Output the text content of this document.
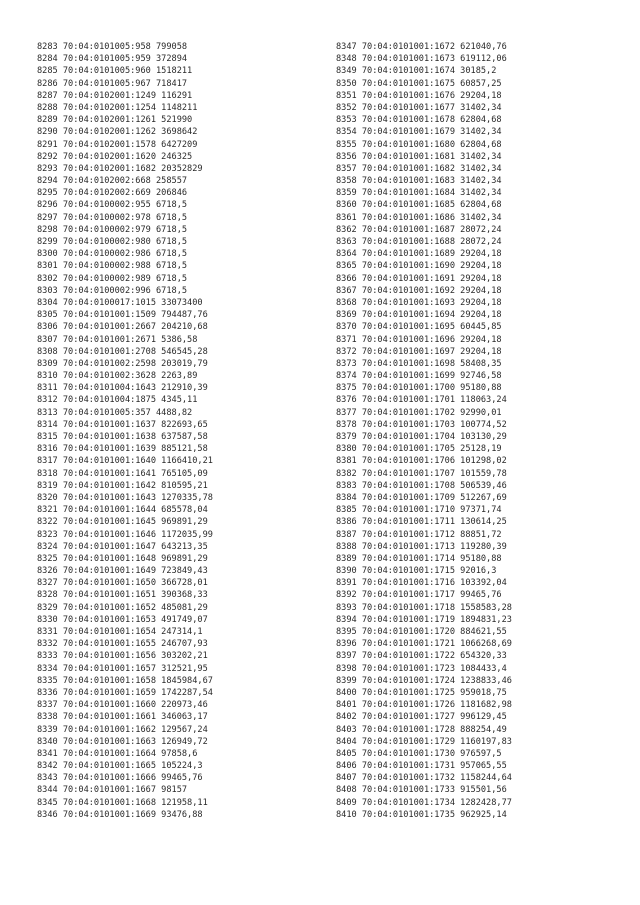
8283 70:04:0101005:958 799058
8284 70:04:0101005:959 372894
8285 70:04:0101005:960 1518211
8286 70:04:0101005:967 718417
8287 70:04:0102001:1249 116291
8288 70:04:0102001:1254 1148211
8289 70:04:0102001:1261 521990
8290 70:04:0102001:1262 3698642
8291 70:04:0102001:1578 6427209
8292 70:04:0102001:1620 246325
8293 70:04:0102001:1682 20352829
8294 70:04:0102002:668 258557
8295 70:04:0102002:669 206846
8296 70:04:0100002:955 6718,5
8297 70:04:0100002:978 6718,5
8298 70:04:0100002:979 6718,5
8299 70:04:0100002:980 6718,5
8300 70:04:0100002:986 6718,5
8301 70:04:0100002:988 6718,5
8302 70:04:0100002:989 6718,5
8303 70:04:0100002:996 6718,5
8304 70:04:0100017:1015 33073400
8305 70:04:0101001:1509 794487,76
8306 70:04:0101001:2667 204210,68
8307 70:04:0101001:2671 5386,58
8308 70:04:0101001:2708 546545,28
8309 70:04:0101002:2598 203019,79
8310 70:04:0101002:3628 2263,89
8311 70:04:0101004:1643 212910,39
8312 70:04:0101004:1875 4345,11
8313 70:04:0101005:357 4488,82
8314 70:04:0101001:1637 822693,65
8315 70:04:0101001:1638 637587,58
8316 70:04:0101001:1639 885121,58
8317 70:04:0101001:1640 1166410,21
8318 70:04:0101001:1641 765105,09
8319 70:04:0101001:1642 810595,21
8320 70:04:0101001:1643 1270335,78
8321 70:04:0101001:1644 685578,04
8322 70:04:0101001:1645 969891,29
8323 70:04:0101001:1646 1172035,99
8324 70:04:0101001:1647 643213,35
8325 70:04:0101001:1648 969891,29
8326 70:04:0101001:1649 723849,43
8327 70:04:0101001:1650 366728,01
8328 70:04:0101001:1651 390368,33
8329 70:04:0101001:1652 485081,29
8330 70:04:0101001:1653 491749,07
8331 70:04:0101001:1654 247314,1
8332 70:04:0101001:1655 246707,93
8333 70:04:0101001:1656 303202,21
8334 70:04:0101001:1657 312521,95
8335 70:04:0101001:1658 1845984,67
8336 70:04:0101001:1659 1742287,54
8337 70:04:0101001:1660 220973,46
8338 70:04:0101001:1661 346063,17
8339 70:04:0101001:1662 129567,24
8340 70:04:0101001:1663 126949,72
8341 70:04:0101001:1664 97858,6
8342 70:04:0101001:1665 105224,3
8343 70:04:0101001:1666 99465,76
8344 70:04:0101001:1667 98157
8345 70:04:0101001:1668 121958,11
8346 70:04:0101001:1669 93476,88
8347 70:04:0101001:1672 621040,76
8348 70:04:0101001:1673 619112,06
8349 70:04:0101001:1674 30185,2
8350 70:04:0101001:1675 60857,25
8351 70:04:0101001:1676 29204,18
8352 70:04:0101001:1677 31402,34
8353 70:04:0101001:1678 62804,68
8354 70:04:0101001:1679 31402,34
8355 70:04:0101001:1680 62804,68
8356 70:04:0101001:1681 31402,34
8357 70:04:0101001:1682 31402,34
8358 70:04:0101001:1683 31402,34
8359 70:04:0101001:1684 31402,34
8360 70:04:0101001:1685 62804,68
8361 70:04:0101001:1686 31402,34
8362 70:04:0101001:1687 28072,24
8363 70:04:0101001:1688 28072,24
8364 70:04:0101001:1689 29204,18
8365 70:04:0101001:1690 29204,18
8366 70:04:0101001:1691 29204,18
8367 70:04:0101001:1692 29204,18
8368 70:04:0101001:1693 29204,18
8369 70:04:0101001:1694 29204,18
8370 70:04:0101001:1695 60445,85
8371 70:04:0101001:1696 29204,18
8372 70:04:0101001:1697 29204,18
8373 70:04:0101001:1698 58408,35
8374 70:04:0101001:1699 92746,58
8375 70:04:0101001:1700 95180,88
8376 70:04:0101001:1701 118063,24
8377 70:04:0101001:1702 92990,01
8378 70:04:0101001:1703 100774,52
8379 70:04:0101001:1704 103130,29
8380 70:04:0101001:1705 25128,19
8381 70:04:0101001:1706 101298,02
8382 70:04:0101001:1707 101559,78
8383 70:04:0101001:1708 506539,46
8384 70:04:0101001:1709 512267,69
8385 70:04:0101001:1710 97371,74
8386 70:04:0101001:1711 130614,25
8387 70:04:0101001:1712 88851,72
8388 70:04:0101001:1713 119280,39
8389 70:04:0101001:1714 95180,88
8390 70:04:0101001:1715 92016,3
8391 70:04:0101001:1716 103392,04
8392 70:04:0101001:1717 99465,76
8393 70:04:0101001:1718 1558583,28
8394 70:04:0101001:1719 1894831,23
8395 70:04:0101001:1720 884621,55
8396 70:04:0101001:1721 1066268,69
8397 70:04:0101001:1722 654320,33
8398 70:04:0101001:1723 1084433,4
8399 70:04:0101001:1724 1238833,46
8400 70:04:0101001:1725 959018,75
8401 70:04:0101001:1726 1181682,98
8402 70:04:0101001:1727 996129,45
8403 70:04:0101001:1728 888254,49
8404 70:04:0101001:1729 1160197,83
8405 70:04:0101001:1730 976597,5
8406 70:04:0101001:1731 957065,55
8407 70:04:0101001:1732 1158244,64
8408 70:04:0101001:1733 915501,56
8409 70:04:0101001:1734 1282428,77
8410 70:04:0101001:1735 962925,14
